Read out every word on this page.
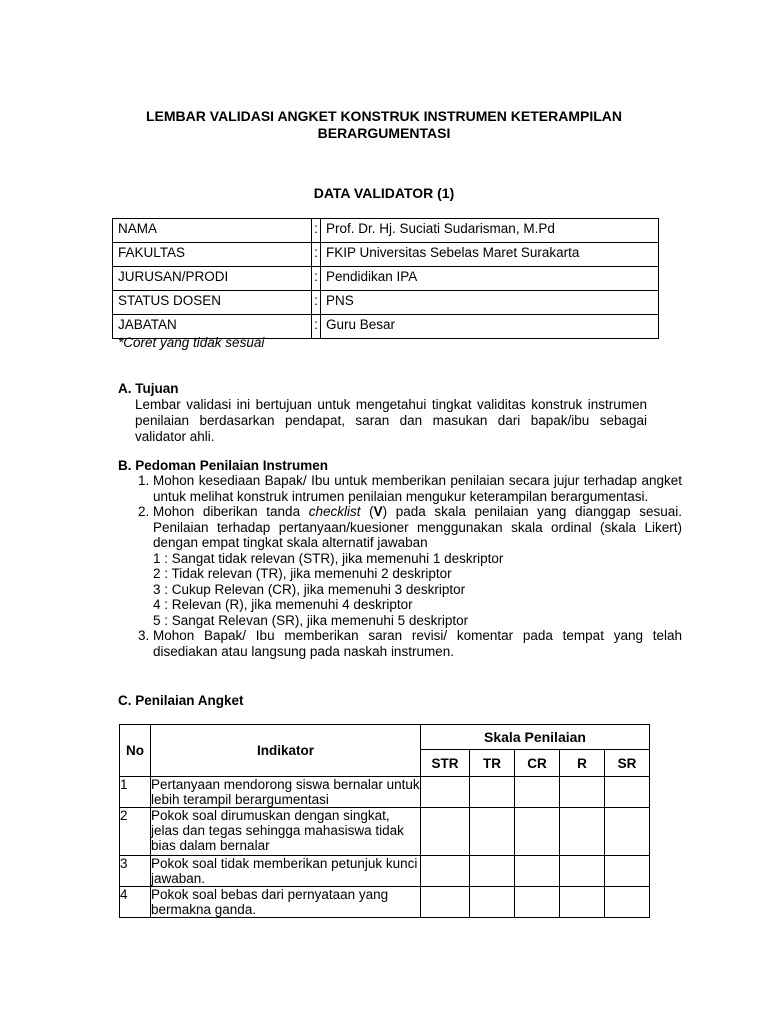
LEMBAR VALIDASI ANGKET KONSTRUK INSTRUMEN KETERAMPILAN
BERARGUMENTASI
DATA VALIDATOR (1)
NAMA	:	Prof. Dr. Hj. Suciati Sudarisman, M.Pd
FAKULTAS	:	FKIP Universitas Sebelas Maret Surakarta
JURUSAN/PRODI	:	Pendidikan IPA
STATUS DOSEN	:	PNS
JABATAN	:	Guru Besar
*Coret yang tidak sesuai
A. Tujuan
Lembar validasi ini bertujuan untuk mengetahui tingkat validitas konstruk instrumen penilaian berdasarkan pendapat, saran dan masukan dari bapak/ibu sebagai validator ahli.
B. Pedoman Penilaian Instrumen
1. Mohon kesediaan Bapak/ Ibu untuk memberikan penilaian secara jujur terhadap angket untuk melihat konstruk intrumen penilaian mengukur keterampilan berargumentasi.
2. Mohon diberikan tanda checklist (V) pada skala penilaian yang dianggap sesuai. Penilaian terhadap pertanyaan/kuesioner menggunakan skala ordinal (skala Likert) dengan empat tingkat skala alternatif jawaban
1 : Sangat tidak relevan (STR), jika memenuhi 1 deskriptor
2 : Tidak relevan (TR), jika memenuhi 2 deskriptor
3 : Cukup Relevan (CR), jika memenuhi 3 deskriptor
4 : Relevan (R), jika memenuhi 4 deskriptor
5 : Sangat Relevan (SR), jika memenuhi 5 deskriptor
3. Mohon Bapak/ Ibu memberikan saran revisi/ komentar pada tempat yang telah disediakan atau langsung pada naskah instrumen.
C. Penilaian Angket
No	Indikator	Skala Penilaian				
		STR	TR	CR	R	SR
1	Pertanyaan mendorong siswa bernalar untuk lebih terampil berargumentasi					
2	Pokok soal dirumuskan dengan singkat, jelas dan tegas sehingga mahasiswa tidak bias dalam bernalar					
3	Pokok soal tidak memberikan petunjuk kunci jawaban.					
4	Pokok soal bebas dari pernyataan yang bermakna ganda.					
